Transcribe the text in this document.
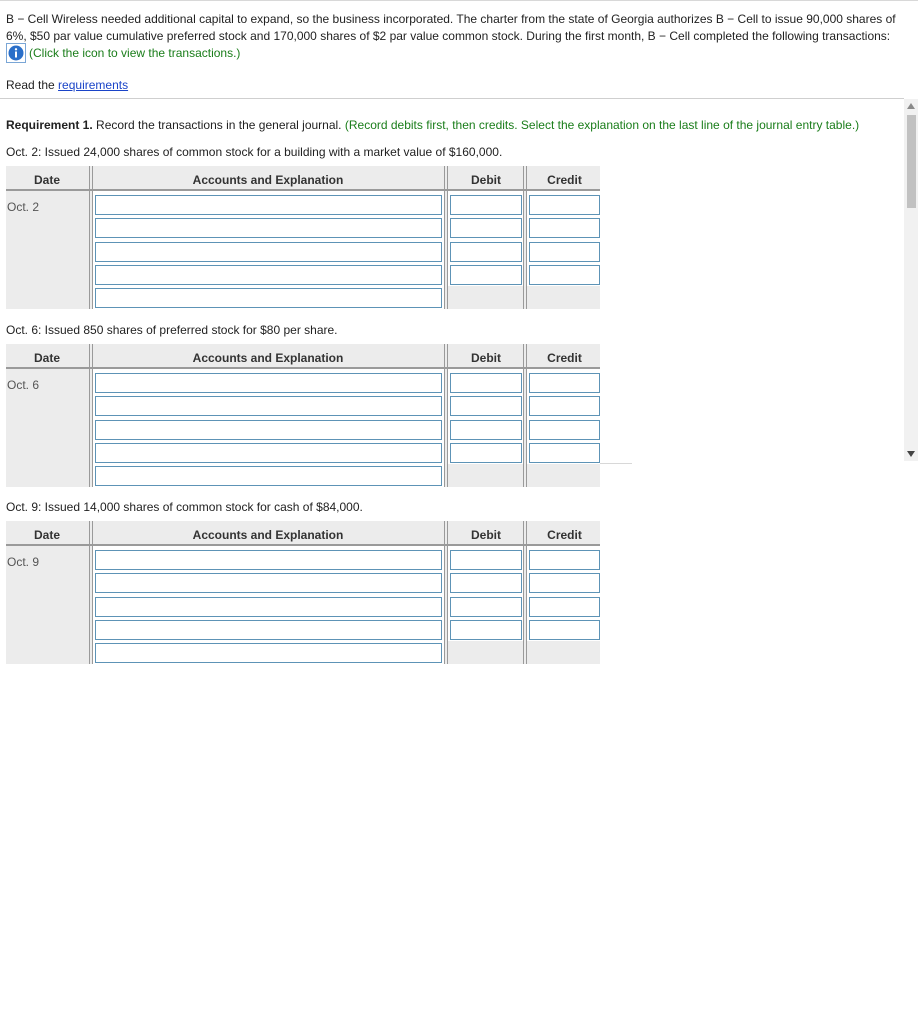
B − Cell Wireless needed additional capital to expand, so the business incorporated. The charter from the state of Georgia authorizes B − Cell to issue 90,000 shares of
6%, $50 par value cumulative preferred stock and 170,000 shares of $2 par value common stock. During the first month, B − Cell completed the following transactions:
(Click the icon to view the transactions.)
Read the requirements
Requirement 1. Record the transactions in the general journal. (Record debits first, then credits. Select the explanation on the last line of the journal entry table.)
Oct. 2: Issued 24,000 shares of common stock for a building with a market value of $160,000.
Date	Accounts and Explanation	Debit	Credit
Oct. 2
Oct. 6: Issued 850 shares of preferred stock for $80 per share.
Date	Accounts and Explanation	Debit	Credit
Oct. 6
Oct. 9: Issued 14,000 shares of common stock for cash of $84,000.
Date	Accounts and Explanation	Debit	Credit
Oct. 9
